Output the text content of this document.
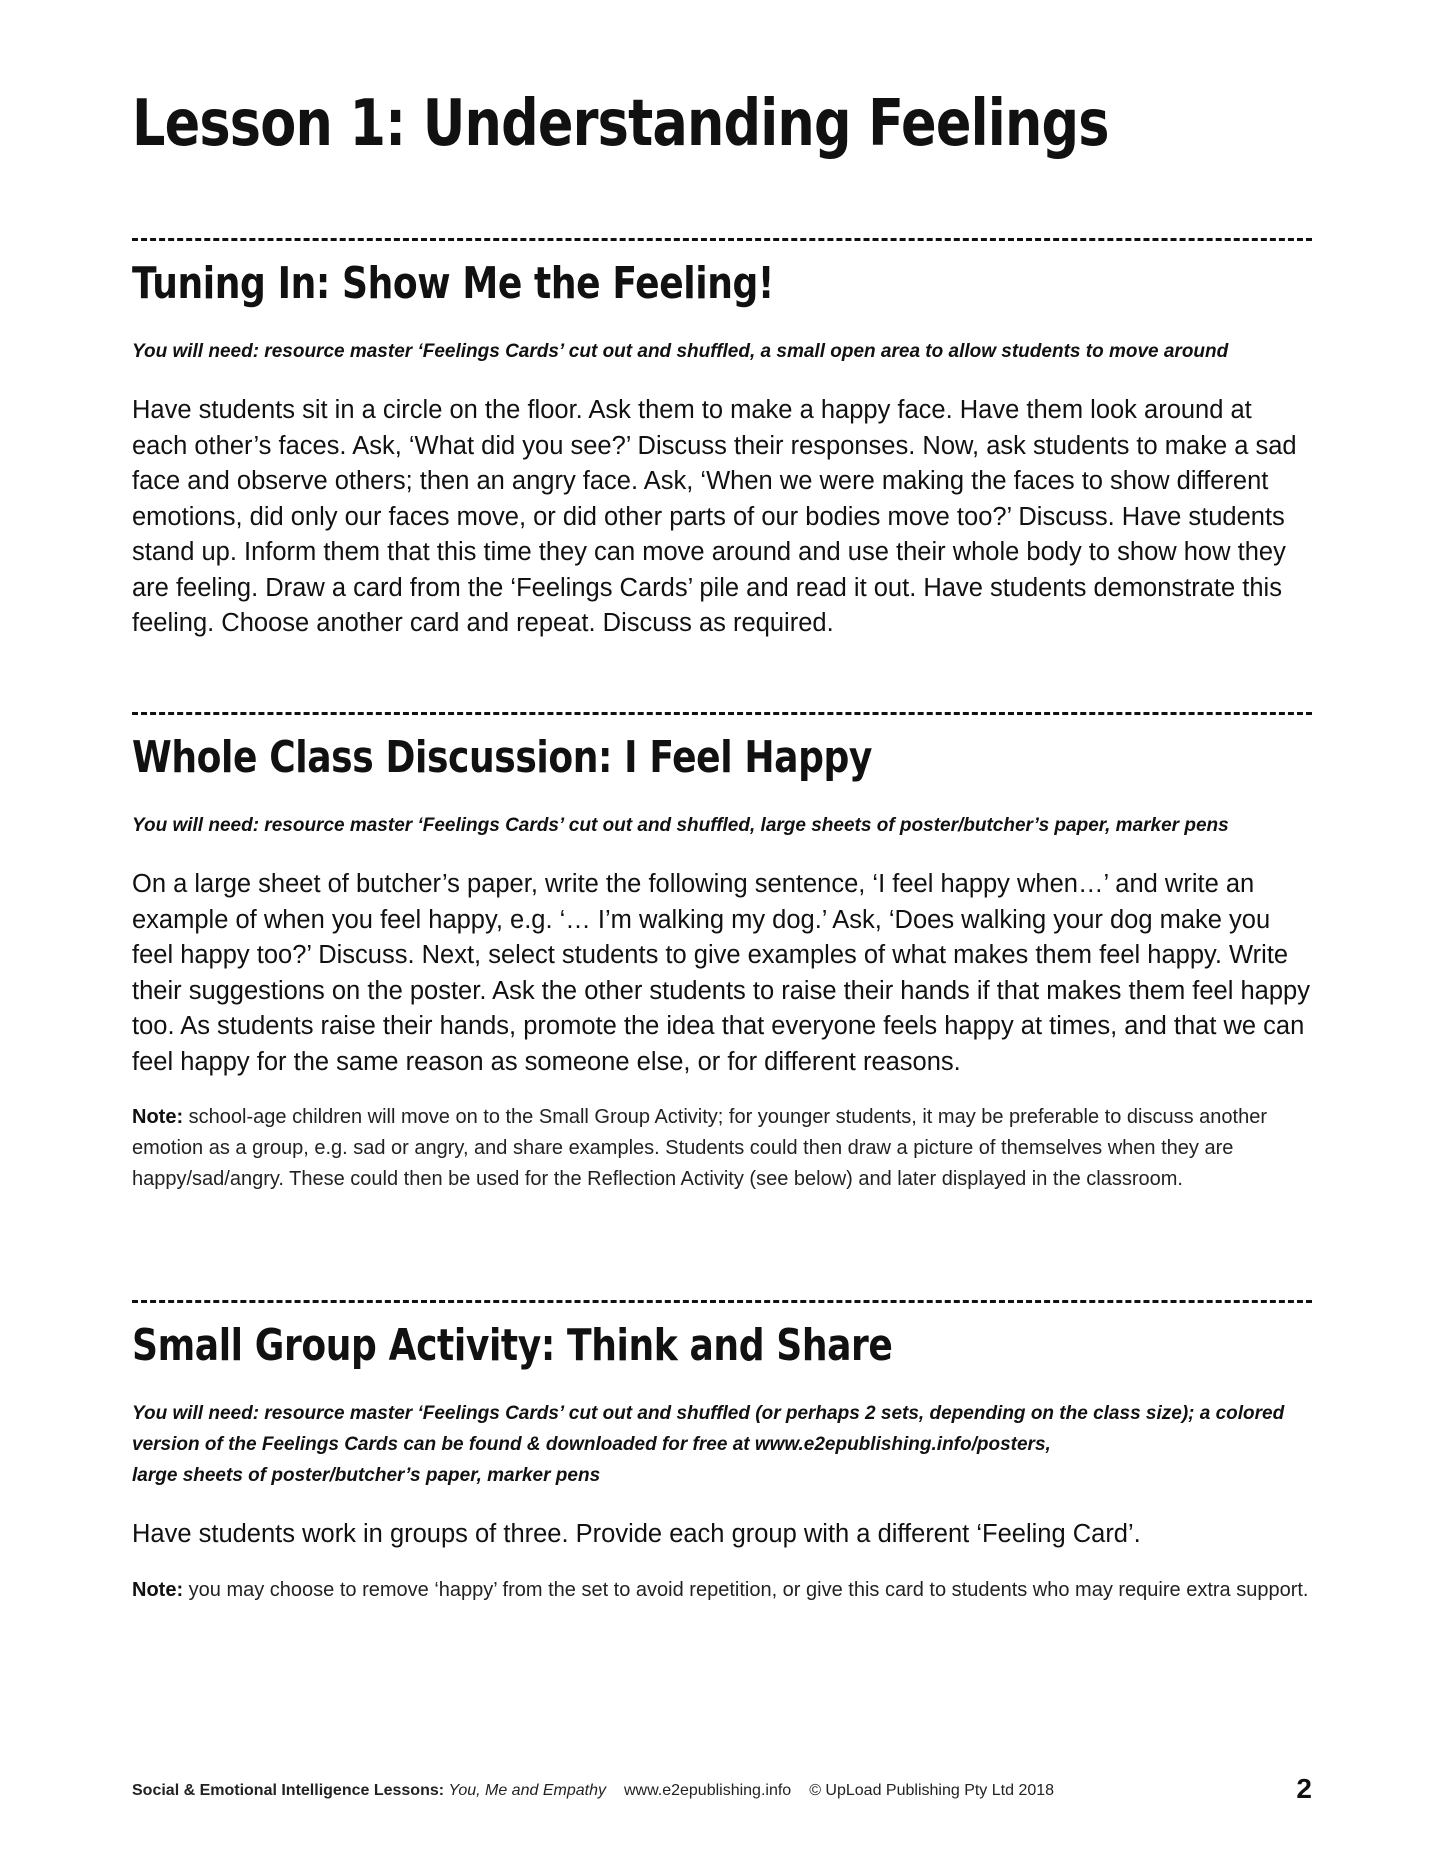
Lesson 1: Understanding Feelings
Tuning In: Show Me the Feeling!

You will need: resource master ‘Feelings Cards’ cut out and shuffled, a small open area to allow students to move around

Have students sit in a circle on the floor. Ask them to make a happy face. Have them look around at each other’s faces. Ask, ‘What did you see?’ Discuss their responses. Now, ask students to make a sad face and observe others; then an angry face. Ask, ‘When we were making the faces to show different emotions, did only our faces move, or did other parts of our bodies move too?’ Discuss. Have students stand up. Inform them that this time they can move around and use their whole body to show how they are feeling. Draw a card from the ‘Feelings Cards’ pile and read it out. Have students demonstrate this feeling. Choose another card and repeat. Discuss as required.

Whole Class Discussion: I Feel Happy

You will need: resource master ‘Feelings Cards’ cut out and shuffled, large sheets of poster/butcher’s paper, marker pens

On a large sheet of butcher’s paper, write the following sentence, ‘I feel happy when…’ and write an example of when you feel happy, e.g. ‘… I’m walking my dog.’ Ask, ‘Does walking your dog make you feel happy too?’ Discuss. Next, select students to give examples of what makes them feel happy. Write their suggestions on the poster. Ask the other students to raise their hands if that makes them feel happy too. As students raise their hands, promote the idea that everyone feels happy at times, and that we can feel happy for the same reason as someone else, or for different reasons.

Note: school-age children will move on to the Small Group Activity; for younger students, it may be preferable to discuss another emotion as a group, e.g. sad or angry, and share examples. Students could then draw a picture of themselves when they are happy/sad/angry. These could then be used for the Reflection Activity (see below) and later displayed in the classroom.

Small Group Activity: Think and Share

You will need: resource master ‘Feelings Cards’ cut out and shuffled (or perhaps 2 sets, depending on the class size); a colored
version of the Feelings Cards can be found & downloaded for free at www.e2epublishing.info/posters,
large sheets of poster/butcher’s paper, marker pens

Have students work in groups of three. Provide each group with a different ‘Feeling Card’.

Note: you may choose to remove ‘happy’ from the set to avoid repetition, or give this card to students who may require extra support.

Social & Emotional Intelligence Lessons: You, Me and Empathy www.e2epublishing.info © UpLoad Publishing Pty Ltd 2018	2
